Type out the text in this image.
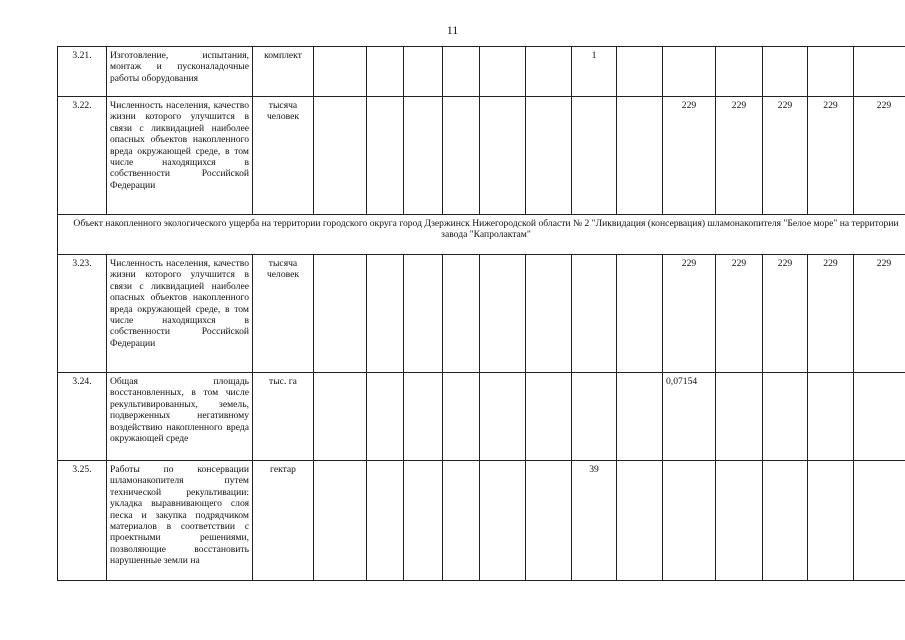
11
3.21.	Изготовление, испытания, монтаж и пусконаладочные работы оборудования	комплект							1						
3.22.	Численность населения, качество жизни которого улучшится в связи с ликвидацией наиболее опасных объектов накопленного вреда окружающей среде, в том числе находящихся в собственности Российской Федерации	тысяча человек									229	229	229	229	229
Объект накопленного экологического ущерба на территории городского округа город Дзержинск Нижегородской области № 2 "Ликвидация (консервация) шламонакопителя "Белое море" на территории завода "Капролактам"															
3.23.	Численность населения, качество жизни которого улучшится в связи с ликвидацией наиболее опасных объектов накопленного вреда окружающей среде, в том числе находящихся в собственности Российской Федерации	тысяча человек									229	229	229	229	229
3.24.	Общая площадь восстановленных, в том числе рекультивированных, земель, подверженных негативному воздействию накопленного вреда окружающей среде	тыс. га									0,07154				
3.25.	Работы по консервации шламонакопителя путем технической рекультивации: укладка выравнивающего слоя песка и закупка подрядчиком материалов в соответствии с проектными решениями, позволяющие восстановить нарушенные земли на	гектар							39						
